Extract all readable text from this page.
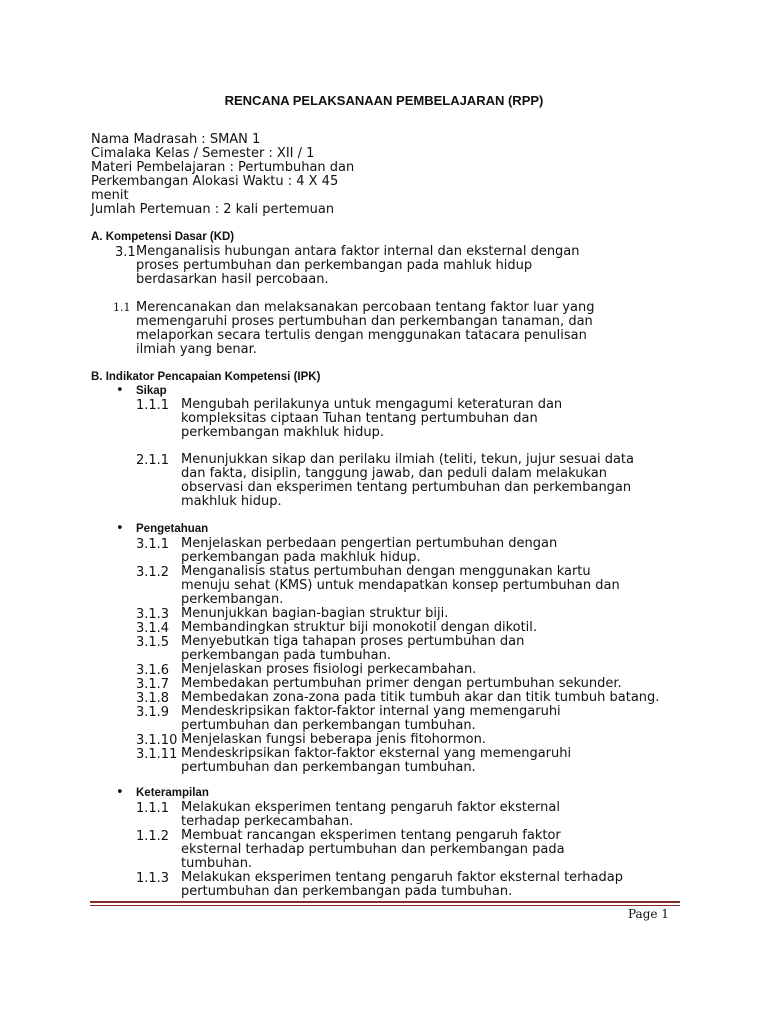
RENCANA PELAKSANAAN PEMBELAJARAN (RPP)
Nama Madrasah : SMAN 1
Cimalaka Kelas / Semester : XII / 1
Materi Pembelajaran : Pertumbuhan dan
Perkembangan Alokasi Waktu : 4 X 45
menit
Jumlah Pertemuan : 2 kali pertemuan
A. Kompetensi Dasar (KD)
3.1 Menganalisis hubungan antara faktor internal dan eksternal dengan
proses pertumbuhan dan perkembangan pada mahluk hidup
berdasarkan hasil percobaan.
1.1 Merencanakan dan melaksanakan percobaan tentang faktor luar yang
memengaruhi proses pertumbuhan dan perkembangan tanaman, dan
melaporkan secara tertulis dengan menggunakan tatacara penulisan
ilmiah yang benar.
B. Indikator Pencapaian Kompetensi (IPK)
• Sikap
1.1.1 Mengubah perilakunya untuk mengagumi keteraturan dan
kompleksitas ciptaan Tuhan tentang pertumbuhan dan
perkembangan makhluk hidup.
2.1.1 Menunjukkan sikap dan perilaku ilmiah (teliti, tekun, jujur sesuai data
dan fakta, disiplin, tanggung jawab, dan peduli dalam melakukan
observasi dan eksperimen tentang pertumbuhan dan perkembangan
makhluk hidup.
• Pengetahuan
3.1.1 Menjelaskan perbedaan pengertian pertumbuhan dengan
perkembangan pada makhluk hidup.
3.1.2 Menganalisis status pertumbuhan dengan menggunakan kartu
menuju sehat (KMS) untuk mendapatkan konsep pertumbuhan dan
perkembangan.
3.1.3 Menunjukkan bagian-bagian struktur biji.
3.1.4 Membandingkan struktur biji monokotil dengan dikotil.
3.1.5 Menyebutkan tiga tahapan proses pertumbuhan dan
perkembangan pada tumbuhan.
3.1.6 Menjelaskan proses fisiologi perkecambahan.
3.1.7 Membedakan pertumbuhan primer dengan pertumbuhan sekunder.
3.1.8 Membedakan zona-zona pada titik tumbuh akar dan titik tumbuh batang.
3.1.9 Mendeskripsikan faktor-faktor internal yang memengaruhi
pertumbuhan dan perkembangan tumbuhan.
3.1.10 Menjelaskan fungsi beberapa jenis fitohormon.
3.1.11 Mendeskripsikan faktor-faktor eksternal yang memengaruhi
pertumbuhan dan perkembangan tumbuhan.
• Keterampilan
1.1.1 Melakukan eksperimen tentang pengaruh faktor eksternal
terhadap perkecambahan.
1.1.2 Membuat rancangan eksperimen tentang pengaruh faktor
eksternal terhadap pertumbuhan dan perkembangan pada
tumbuhan.
1.1.3 Melakukan eksperimen tentang pengaruh faktor eksternal terhadap
pertumbuhan dan perkembangan pada tumbuhan.
Page 1
